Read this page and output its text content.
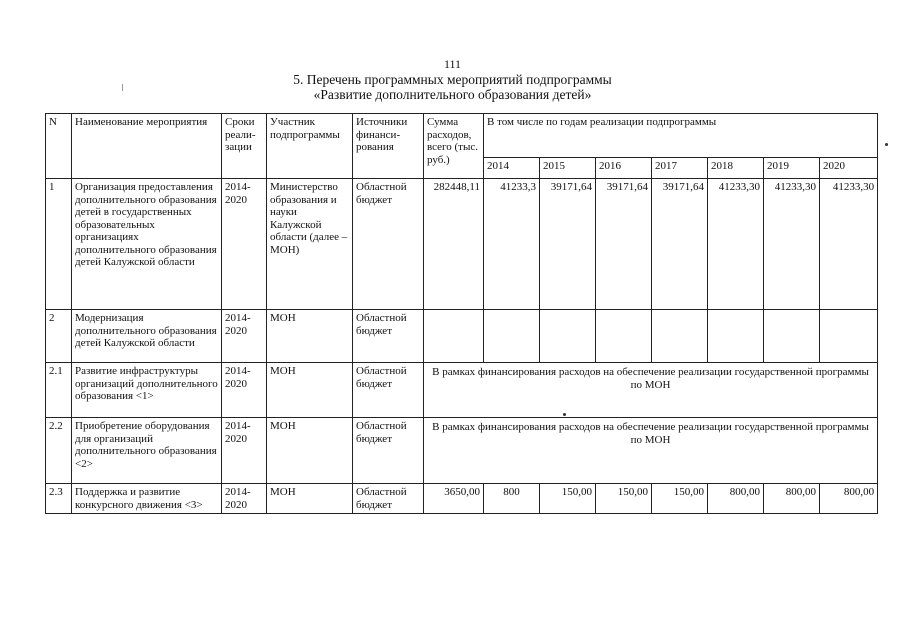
111
5. Перечень программных мероприятий подпрограммы
«Развитие дополнительного образования детей»
N	Наименование мероприятия	Сроки реали-зации	Участник подпрограммы	Источники финанси-рования	Сумма расходов, всего (тыс. руб.)	В том числе по годам реализации подпрограммы						
						2014	2015	2016	2017	2018	2019	2020
1	Организация предоставления дополнительного образования детей в государственных образовательных организациях дополнительного образования детей Калужской области	2014-2020	Министерство образования и науки Калужской области (далее – МОН)	Областной бюджет	282448,11	41233,3	39171,64	39171,64	39171,64	41233,30	41233,30	41233,30
2	Модернизация дополнительного образования детей Калужской области	2014-2020	МОН	Областной бюджет								
2.1	Развитие инфраструктуры организаций дополнительного образования <1>	2014-2020	МОН	Областной бюджет	В рамках финансирования расходов на обеспечение реализации государственной программы по МОН							
2.2	Приобретение оборудования для организаций дополнительного образования <2>	2014-2020	МОН	Областной бюджет	В рамках финансирования расходов на обеспечение реализации государственной программы по МОН							
2.3	Поддержка и развитие конкурсного движения <3>	2014-2020	МОН	Областной бюджет	3650,00	800	150,00	150,00	150,00	800,00	800,00	800,00
